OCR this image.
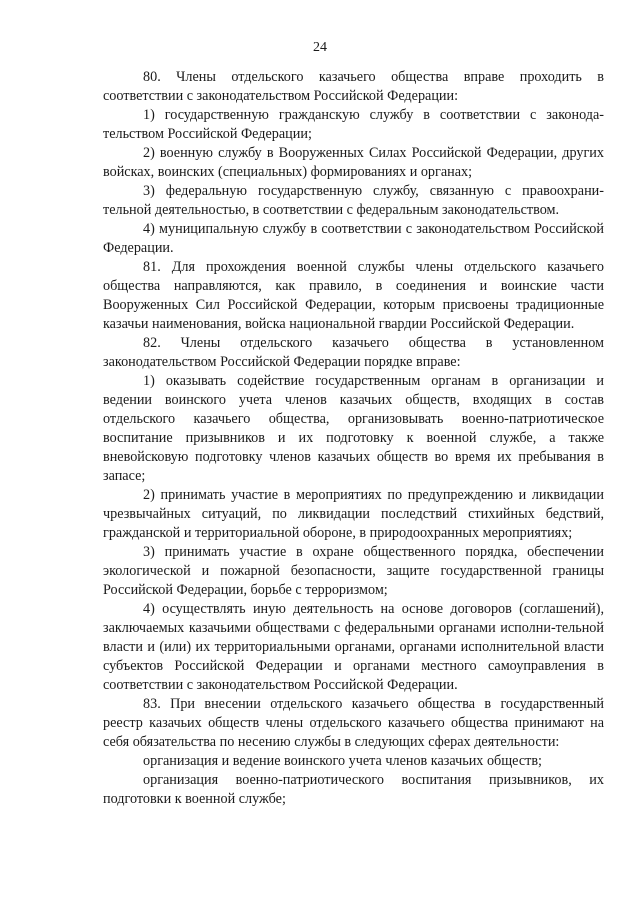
24

80. Члены отдельского казачьего общества вправе проходить в соответствии с законодательством Российской Федерации:

1) государственную гражданскую службу в соответствии с законода-тельством Российской Федерации;

2) военную службу в Вооруженных Силах Российской Федерации, других войсках, воинских (специальных) формированиях и органах;

3) федеральную государственную службу, связанную с правоохрани-тельной деятельностью, в соответствии с федеральным законодательством.

4) муниципальную службу в соответствии с законодательством Российской Федерации.

81. Для прохождения военной службы члены отдельского казачьего общества направляются, как правило, в соединения и воинские части Вооруженных Сил Российской Федерации, которым присвоены традиционные казачьи наименования, войска национальной гвардии Российской Федерации.

82. Члены отдельского казачьего общества в установленном законодательством Российской Федерации порядке вправе:

1) оказывать содействие государственным органам в организации и ведении воинского учета членов казачьих обществ, входящих в состав отдельского казачьего общества, организовывать военно-патриотическое воспитание призывников и их подготовку к военной службе, а также вневойсковую подготовку членов казачьих обществ во время их пребывания в запасе;

2) принимать участие в мероприятиях по предупреждению и ликвидации чрезвычайных ситуаций, по ликвидации последствий стихийных бедствий, гражданской и территориальной обороне, в природоохранных мероприятиях;

3) принимать участие в охране общественного порядка, обеспечении экологической и пожарной безопасности, защите государственной границы Российской Федерации, борьбе с терроризмом;

4) осуществлять иную деятельность на основе договоров (соглашений), заключаемых казачьими обществами с федеральными органами исполни-тельной власти и (или) их территориальными органами, органами исполнительной власти субъектов Российской Федерации и органами местного самоуправления в соответствии с законодательством Российской Федерации.

83. При внесении отдельского казачьего общества в государственный реестр казачьих обществ члены отдельского казачьего общества принимают на себя обязательства по несению службы в следующих сферах деятельности:

организация и ведение воинского учета членов казачьих обществ;

организация военно-патриотического воспитания призывников, их подготовки к военной службе;
